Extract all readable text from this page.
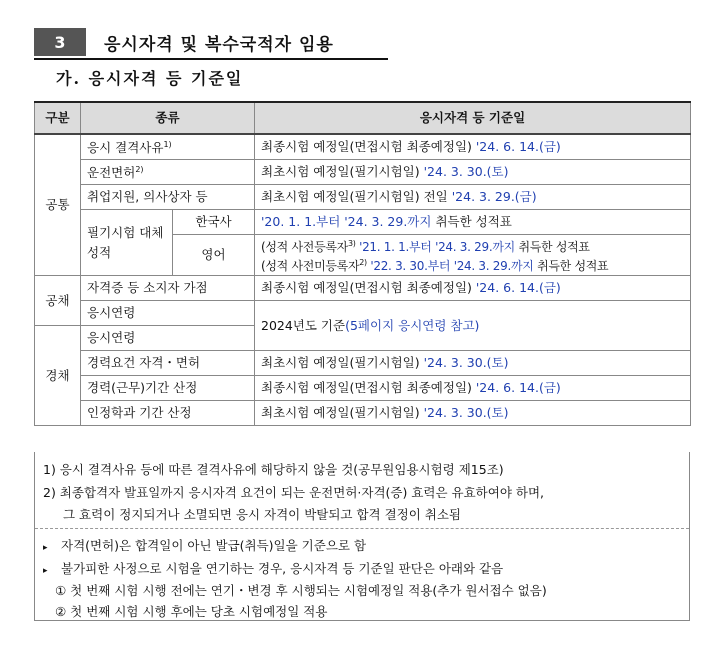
3	응시자격 및 복수국적자 임용
가. 응시자격 등 기준일
구분	종류		응시자격 등 기준일
공통	응시 결격사유$^{1)}$		최종시험 예정일(면접시험 최종예정일) '24. 6. 14.(금)
	운전면허$^{2)}$		최초시험 예정일(필기시험일) '24. 3. 30.(토)
	취업지원, 의사상자 등		최초시험 예정일(필기시험일) 전일 '24. 3. 29.(금)
	필기시험 대체 성적	한국사	'20. 1. 1.부터 '24. 3. 29.까지 취득한 성적표
		영어	(성적 사전등록자$^{3)}$ '21. 1. 1.부터 '24. 3. 29.까지 취득한 성적표
(성적 사전미등록자$^{2)}$ '22. 3. 30.부터 '24. 3. 29.까지 취득한 성적표

공채	자격증 등 소지자 가점		최종시험 예정일(면접시험 최종예정일) '24. 6. 14.(금)
	응시연령		2024년도 기준(5페이지 응시연령 참고)
경채	응시연령		
	경력요건 자격・면허		최초시험 예정일(필기시험일) '24. 3. 30.(토)
	경력(근무)기간 산정		최종시험 예정일(면접시험 최종예정일) '24. 6. 14.(금)
	인정학과 기간 산정		최초시험 예정일(필기시험일) '24. 3. 30.(토)
1) 응시 결격사유 등에 따른 결격사유에 해당하지 않을 것(공무원임용시험령 제15조)
2) 최종합격자 발표일까지 응시자격 요건이 되는 운전면허·자격(증) 효력은 유효하여야 하며,
그 효력이 정지되거나 소멸되면 응시 자격이 박탈되고 합격 결정이 취소됨
▸ 자격(면허)은 합격일이 아닌 발급(취득)일을 기준으로 함
▸ 불가피한 사정으로 시험을 연기하는 경우, 응시자격 등 기준일 판단은 아래와 같음
① 첫 번째 시험 시행 전에는 연기・변경 후 시행되는 시험예정일 적용(추가 원서접수 없음)
② 첫 번째 시험 시행 후에는 당초 시험예정일 적용
